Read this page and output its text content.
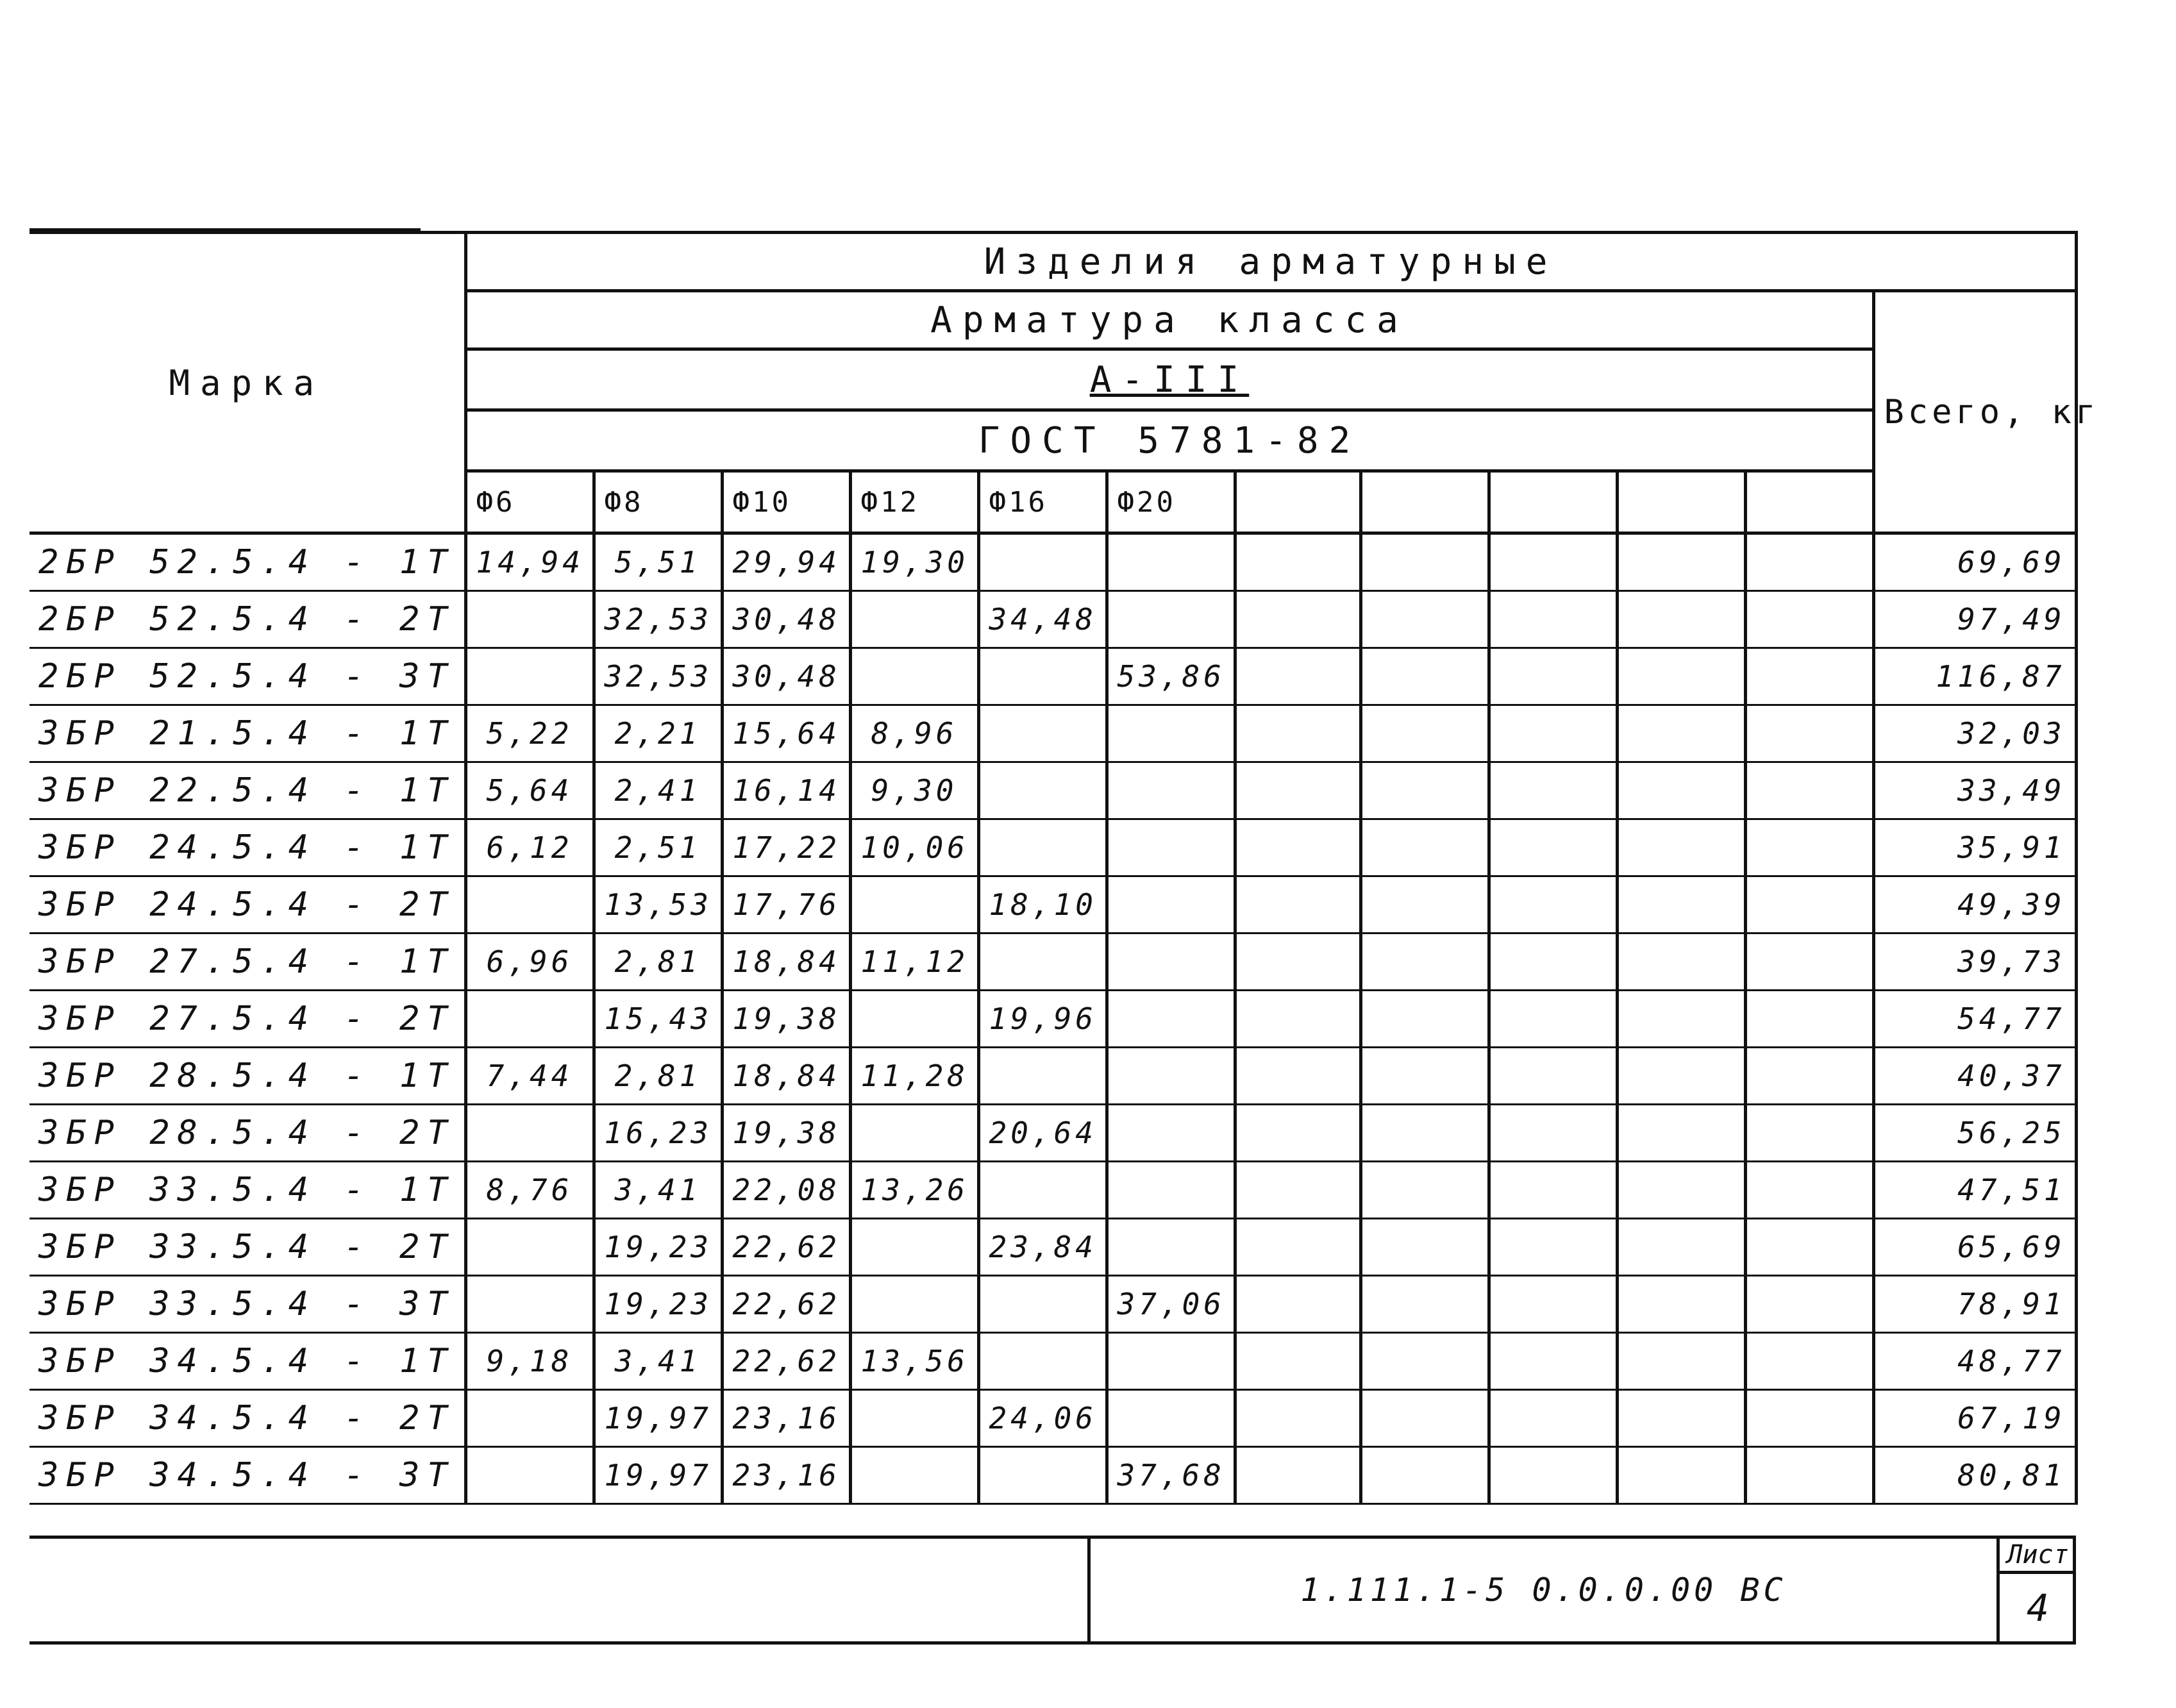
Марка	Изделия арматурные											
	Арматура класса											Всего, кг
	А-III											
	ГОСТ 5781-82											
	Ф6	Ф8	Ф10	Ф12	Ф16	Ф20						
2БР 52.5.4 - 1Т	14,94	5,51	29,94	19,30								69,69
2БР 52.5.4 - 2Т		32,53	30,48		34,48							97,49
2БР 52.5.4 - 3Т		32,53	30,48			53,86						116,87
3БР 21.5.4 - 1Т	5,22	2,21	15,64	8,96								32,03
3БР 22.5.4 - 1Т	5,64	2,41	16,14	9,30								33,49
3БР 24.5.4 - 1Т	6,12	2,51	17,22	10,06								35,91
3БР 24.5.4 - 2Т		13,53	17,76		18,10							49,39
3БР 27.5.4 - 1Т	6,96	2,81	18,84	11,12								39,73
3БР 27.5.4 - 2Т		15,43	19,38		19,96							54,77
3БР 28.5.4 - 1Т	7,44	2,81	18,84	11,28								40,37
3БР 28.5.4 - 2Т		16,23	19,38		20,64							56,25
3БР 33.5.4 - 1Т	8,76	3,41	22,08	13,26								47,51
3БР 33.5.4 - 2Т		19,23	22,62		23,84							65,69
3БР 33.5.4 - 3Т		19,23	22,62			37,06						78,91
3БР 34.5.4 - 1Т	9,18	3,41	22,62	13,56								48,77
3БР 34.5.4 - 2Т		19,97	23,16		24,06							67,19
3БР 34.5.4 - 3Т		19,97	23,16			37,68						80,81
1.111.1-5 0.0.0.00 ВС
Лист
4
